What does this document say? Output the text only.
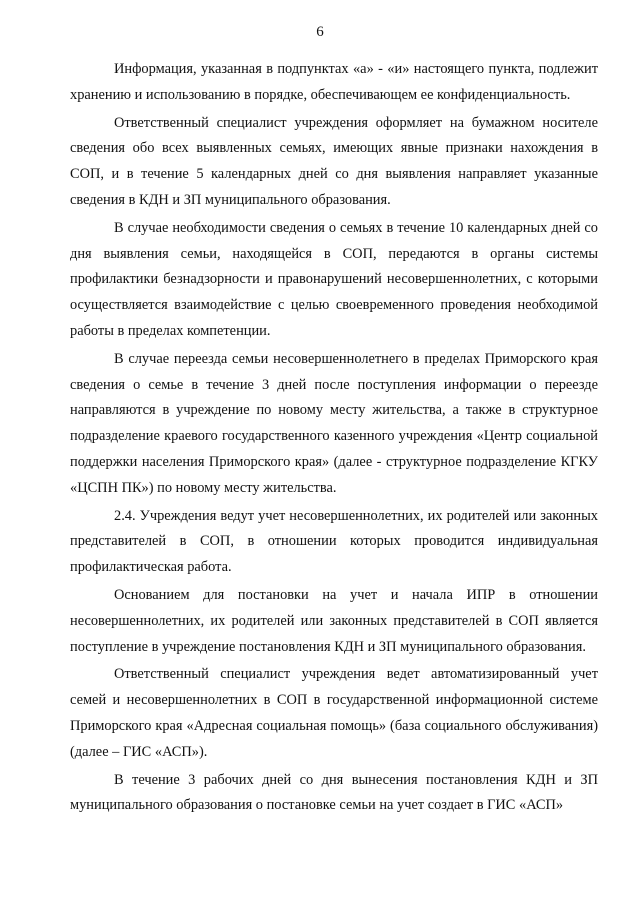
6

Информация, указанная в подпунктах «а» - «и» настоящего пункта, подлежит хранению и использованию в порядке, обеспечивающем ее конфиденциальность.

Ответственный специалист учреждения оформляет на бумажном носителе сведения обо всех выявленных семьях, имеющих явные признаки нахождения в СОП, и в течение 5 календарных дней со дня выявления направляет указанные сведения в КДН и ЗП муниципального образования.

В случае необходимости сведения о семьях в течение 10 календарных дней со дня выявления семьи, находящейся в СОП, передаются в органы системы профилактики безнадзорности и правонарушений несовершеннолетних, с которыми осуществляется взаимодействие с целью своевременного проведения необходимой работы в пределах компетенции.

В случае переезда семьи несовершеннолетнего в пределах Приморского края сведения о семье в течение 3 дней после поступления информации о переезде направляются в учреждение по новому месту жительства, а также в структурное подразделение краевого государственного казенного учреждения «Центр социальной поддержки населения Приморского края» (далее - структурное подразделение КГКУ «ЦСПН ПК») по новому месту жительства.

2.4. Учреждения ведут учет несовершеннолетних, их родителей или законных представителей в СОП, в отношении которых проводится индивидуальная профилактическая работа.

Основанием для постановки на учет и начала ИПР в отношении несовершеннолетних, их родителей или законных представителей в СОП является поступление в учреждение постановления КДН и ЗП муниципального образования.

Ответственный специалист учреждения ведет автоматизированный учет семей и несовершеннолетних в СОП в государственной информационной системе Приморского края «Адресная социальная помощь» (база социального обслуживания) (далее – ГИС «АСП»).

В течение 3 рабочих дней со дня вынесения постановления КДН и ЗП муниципального образования о постановке семьи на учет создает в ГИС «АСП»
